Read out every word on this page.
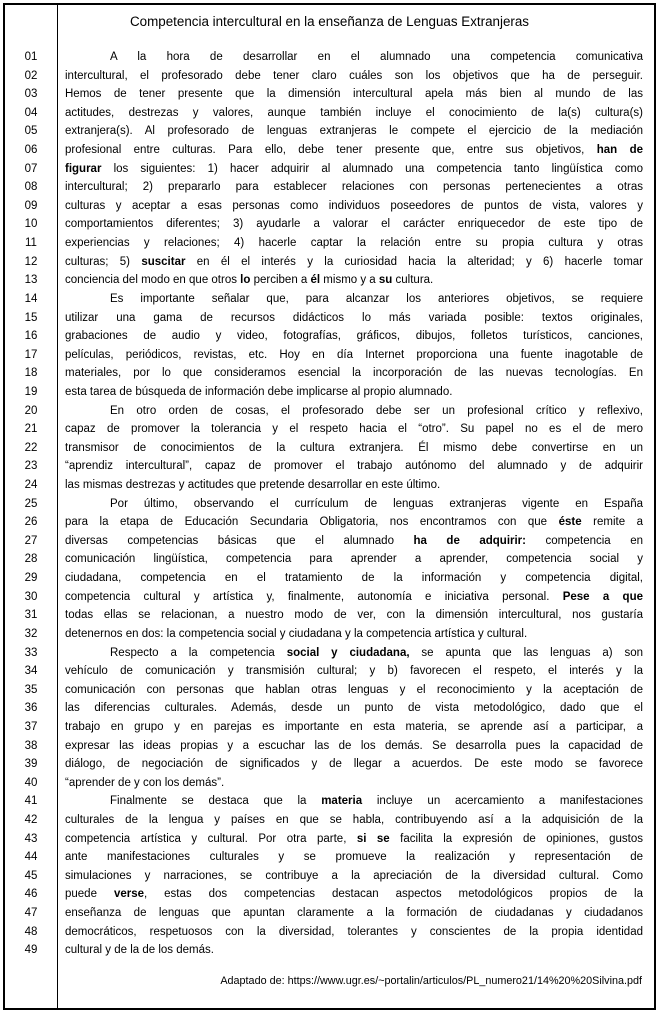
Competencia intercultural en la enseñanza de Lenguas Extranjeras
01	A la hora de desarrollar en el alumnado una competencia comunicativa
02	intercultural, el profesorado debe tener claro cuáles son los objetivos que ha de perseguir.
03	Hemos de tener presente que la dimensión intercultural apela más bien al mundo de las
04	actitudes, destrezas y valores, aunque también incluye el conocimiento de la(s) cultura(s)
05	extranjera(s). Al profesorado de lenguas extranjeras le compete el ejercicio de la mediación
06	profesional entre culturas. Para ello, debe tener presente que, entre sus objetivos, han de
07	figurar los siguientes: 1) hacer adquirir al alumnado una competencia tanto lingüística como
08	intercultural; 2) prepararlo para establecer relaciones con personas pertenecientes a otras
09	culturas y aceptar a esas personas como individuos poseedores de puntos de vista, valores y
10	comportamientos diferentes; 3) ayudarle a valorar el carácter enriquecedor de este tipo de
11	experiencias y relaciones; 4) hacerle captar la relación entre su propia cultura y otras
12	culturas; 5) suscitar en él el interés y la curiosidad hacia la alteridad; y 6) hacerle tomar
13	conciencia del modo en que otros lo perciben a él mismo y a su cultura.
14	Es importante señalar que, para alcanzar los anteriores objetivos, se requiere
15	utilizar una gama de recursos didácticos lo más variada posible: textos originales,
16	grabaciones de audio y video, fotografías, gráficos, dibujos, folletos turísticos, canciones,
17	películas, periódicos, revistas, etc. Hoy en día Internet proporciona una fuente inagotable de
18	materiales, por lo que consideramos esencial la incorporación de las nuevas tecnologías. En
19	esta tarea de búsqueda de información debe implicarse al propio alumnado.
20	En otro orden de cosas, el profesorado debe ser un profesional crítico y reflexivo,
21	capaz de promover la tolerancia y el respeto hacia el “otro”. Su papel no es el de mero
22	transmisor de conocimientos de la cultura extranjera. Él mismo debe convertirse en un
23	“aprendiz intercultural”, capaz de promover el trabajo autónomo del alumnado y de adquirir
24	las mismas destrezas y actitudes que pretende desarrollar en este último.
25	Por último, observando el currículum de lenguas extranjeras vigente en España
26	para la etapa de Educación Secundaria Obligatoria, nos encontramos con que éste remite a
27	diversas competencias básicas que el alumnado ha de adquirir: competencia en
28	comunicación lingüística, competencia para aprender a aprender, competencia social y
29	ciudadana, competencia en el tratamiento de la información y competencia digital,
30	competencia cultural y artística y, finalmente, autonomía e iniciativa personal. Pese a que
31	todas ellas se relacionan, a nuestro modo de ver, con la dimensión intercultural, nos gustaría
32	detenernos en dos: la competencia social y ciudadana y la competencia artística y cultural.
33	Respecto a la competencia social y ciudadana, se apunta que las lenguas a) son
34	vehículo de comunicación y transmisión cultural; y b) favorecen el respeto, el interés y la
35	comunicación con personas que hablan otras lenguas y el reconocimiento y la aceptación de
36	las diferencias culturales. Además, desde un punto de vista metodológico, dado que el
37	trabajo en grupo y en parejas es importante en esta materia, se aprende así a participar, a
38	expresar las ideas propias y a escuchar las de los demás. Se desarrolla pues la capacidad de
39	diálogo, de negociación de significados y de llegar a acuerdos. De este modo se favorece
40	“aprender de y con los demás”.
41	Finalmente se destaca que la materia incluye un acercamiento a manifestaciones
42	culturales de la lengua y países en que se habla, contribuyendo así a la adquisición de la
43	competencia artística y cultural. Por otra parte, si se facilita la expresión de opiniones, gustos
44	ante manifestaciones culturales y se promueve la realización y representación de
45	simulaciones y narraciones, se contribuye a la apreciación de la diversidad cultural. Como
46	puede verse, estas dos competencias destacan aspectos metodológicos propios de la
47	enseñanza de lenguas que apuntan claramente a la formación de ciudadanas y ciudadanos
48	democráticos, respetuosos con la diversidad, tolerantes y conscientes de la propia identidad
49	cultural y de la de los demás.
Adaptado de: https://www.ugr.es/~portalin/articulos/PL_numero21/14%20%20Silvina.pdf
